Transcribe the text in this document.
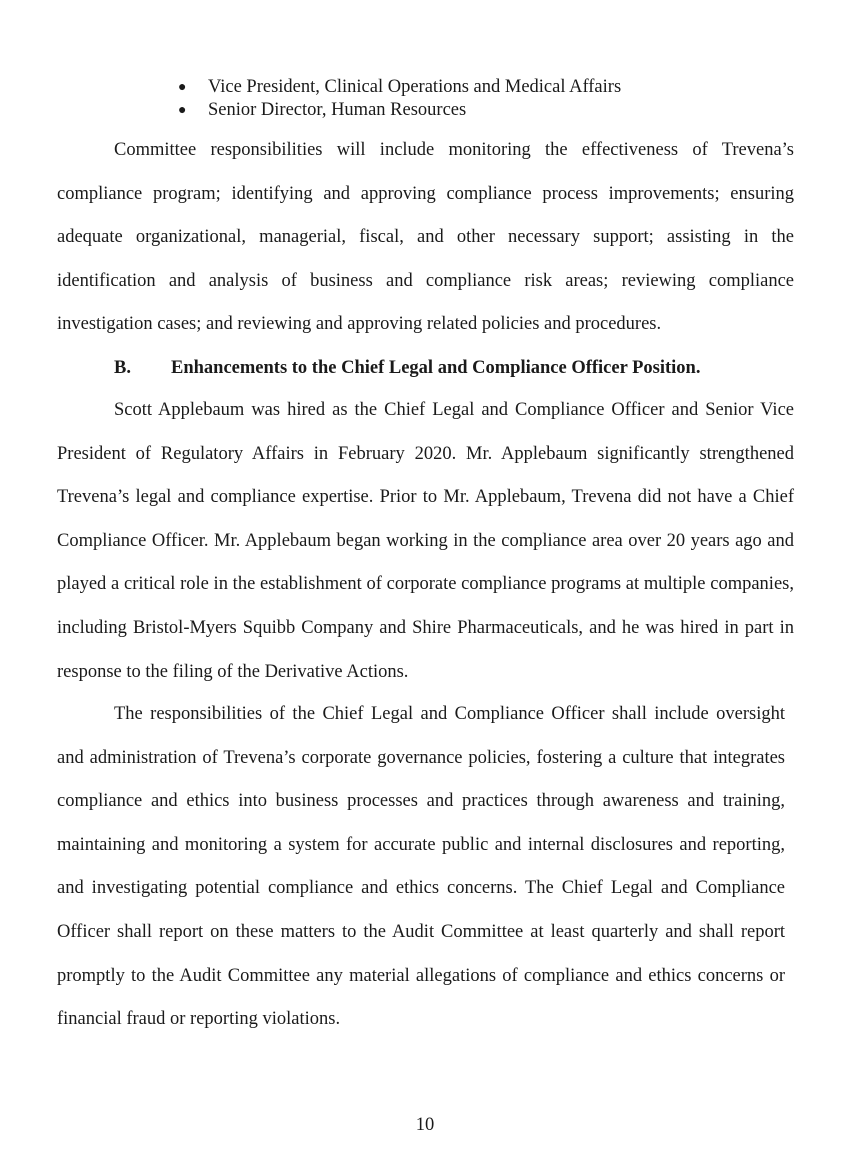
● Vice President, Clinical Operations and Medical Affairs
● Senior Director, Human Resources

Committee responsibilities will include monitoring the effectiveness of Trevena’s compliance program; identifying and approving compliance process improvements; ensuring adequate organizational, managerial, fiscal, and other necessary support; assisting in the identification and analysis of business and compliance risk areas; reviewing compliance investigation cases; and reviewing and approving related policies and procedures.

B. Enhancements to the Chief Legal and Compliance Officer Position.

Scott Applebaum was hired as the Chief Legal and Compliance Officer and Senior Vice President of Regulatory Affairs in February 2020. Mr. Applebaum significantly strengthened Trevena’s legal and compliance expertise. Prior to Mr. Applebaum, Trevena did not have a Chief Compliance Officer. Mr. Applebaum began working in the compliance area over 20 years ago and played a critical role in the establishment of corporate compliance programs at multiple companies, including Bristol-Myers Squibb Company and Shire Pharmaceuticals, and he was hired in part in response to the filing of the Derivative Actions.

The responsibilities of the Chief Legal and Compliance Officer shall include oversight and administration of Trevena’s corporate governance policies, fostering a culture that integrates compliance and ethics into business processes and practices through awareness and training, maintaining and monitoring a system for accurate public and internal disclosures and reporting, and investigating potential compliance and ethics concerns. The Chief Legal and Compliance Officer shall report on these matters to the Audit Committee at least quarterly and shall report promptly to the Audit Committee any material allegations of compliance and ethics concerns or financial fraud or reporting violations.

10
